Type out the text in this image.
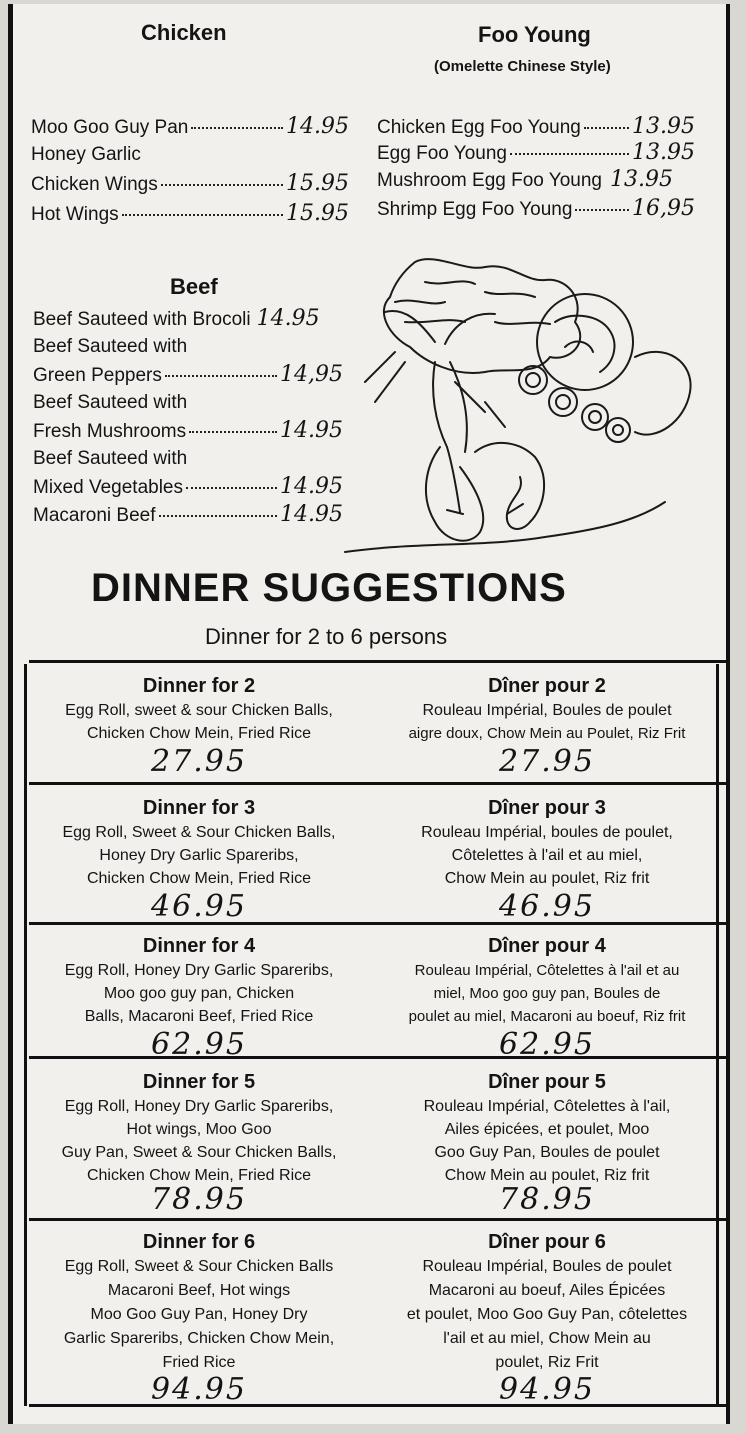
Chicken
Moo Goo Guy Pan	14.95
Honey Garlic
Chicken Wings	15.95
Hot Wings	15.95
Foo Young
(Omelette Chinese Style)
Chicken Egg Foo Young 13.95
Egg Foo Young	13.95
Mushroom Egg Foo Young 13.95
Shrimp Egg Foo Young	16,95
Beef
Beef Sauteed with Brocoli 14.95
Beef Sauteed with
Green Peppers	14,95
Beef Sauteed with
Fresh Mushrooms	14.95
Beef Sauteed with
Mixed Vegetables	14.95
Macaroni Beef	14.95
DINNER SUGGESTIONS
Dinner for 2 to 6 persons
Dinner for 2
Egg Roll, sweet & sour Chicken Balls,
Chicken Chow Mein, Fried Rice
27.95
Dîner pour 2
Rouleau Impérial, Boules de poulet
aigre doux, Chow Mein au Poulet, Riz Frit
27.95
Dinner for 3
Egg Roll, Sweet & Sour Chicken Balls,
Honey Dry Garlic Spareribs,
Chicken Chow Mein, Fried Rice
46.95
Dîner pour 3
Rouleau Impérial, boules de poulet,
Côtelettes à l'ail et au miel,
Chow Mein au poulet, Riz frit
46.95
Dinner for 4
Egg Roll, Honey Dry Garlic Spareribs,
Moo goo guy pan, Chicken
Balls, Macaroni Beef, Fried Rice
62.95
Dîner pour 4
Rouleau Impérial, Côtelettes à l'ail et au
miel, Moo goo guy pan, Boules de
poulet au miel, Macaroni au boeuf, Riz frit
62.95
Dinner for 5
Egg Roll, Honey Dry Garlic Spareribs,
Hot wings, Moo Goo
Guy Pan, Sweet & Sour Chicken Balls,
Chicken Chow Mein, Fried Rice
78.95
Dîner pour 5
Rouleau Impérial, Côtelettes à l'ail,
Ailes épicées, et poulet, Moo
Goo Guy Pan, Boules de poulet
Chow Mein au poulet, Riz frit
78.95
Dinner for 6
Egg Roll, Sweet & Sour Chicken Balls
Macaroni Beef, Hot wings
Moo Goo Guy Pan, Honey Dry
Garlic Spareribs, Chicken Chow Mein,
Fried Rice
94.95
Dîner pour 6
Rouleau Impérial, Boules de poulet
Macaroni au boeuf, Ailes Épicées
et poulet, Moo Goo Guy Pan, côtelettes
l'ail et au miel, Chow Mein au
poulet, Riz Frit
94.95
